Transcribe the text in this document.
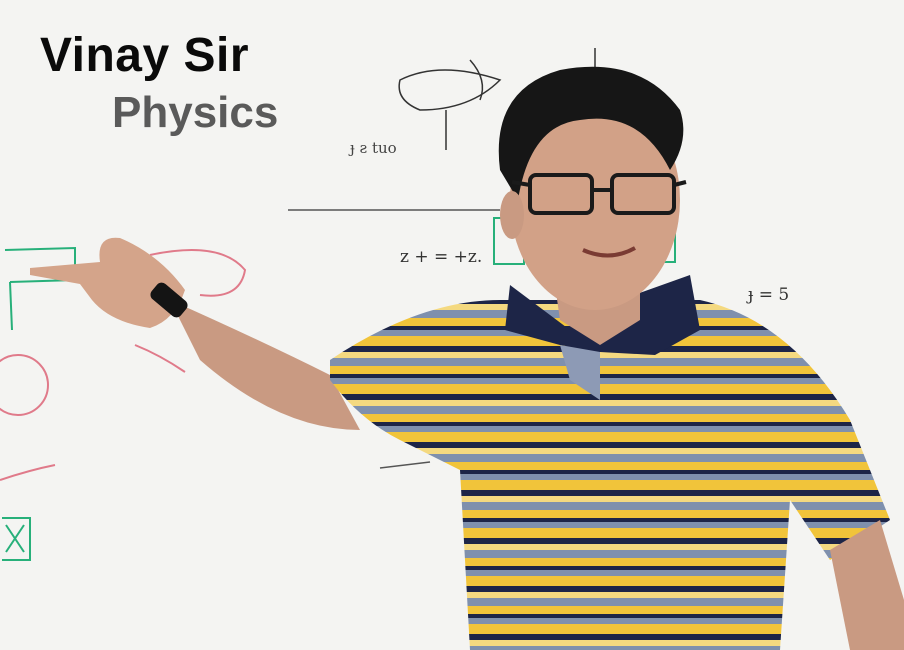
ɟ ƨ tuo
z + = +z.
ɟ = 5
Vinay Sir
Physics
